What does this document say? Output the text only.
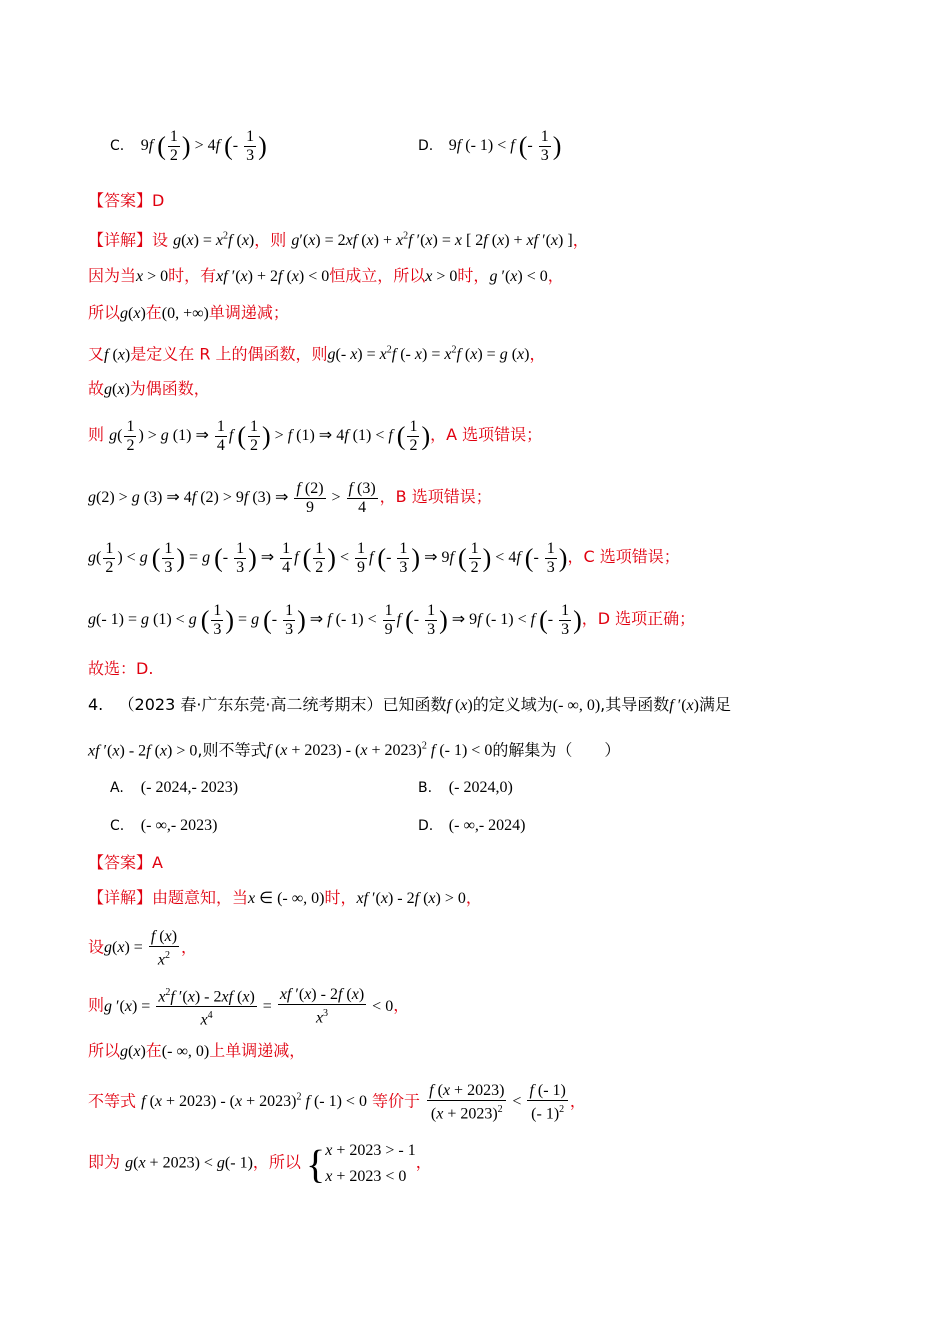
C. 9f ( $\frac{1}{2}$ ) > 4f (- $\frac{1}{3}$ )	D. 9f (- 1) < f (- $\frac{1}{3}$ )
【答案】D
【详解】设 $g(x) = x^2f$ (x)，则 g′(x) = 2xf $(x) + x^2f$ ′(x) = x [ 2f (x) + xf ′(x) ]，
因为当x > 0时，有xf ′(x) + 2f (x) < 0恒成立，所以x > 0时，g ′(x) < 0，
所以g(x)在(0, +∞)单调递减；
又f (x)是定义在 R 上的偶函数，则g(- $x) = x^2f$ (- $x) = x^2f$ (x) = g (x)，
故g(x)为偶函数，
则 $g( \frac{1}{2}$ ) > g (1) ⇒ $\frac{1}{4}$ f ( $\frac{1}{2}$ ) > f (1) ⇒ 4f (1) < f ( $\frac{1}{2}$ )，A 选项错误；
g(2) > g (3) ⇒ 4f (2) > 9f (3) ⇒ $\frac{f (2)}{9} > \frac{f (3)}{4}$ ，B 选项错误；
$g( \frac{1}{2}$ ) < g ( $\frac{1}{3}$ ) = g (- $\frac{1}{3}$ ) ⇒ $\frac{1}{4}$ f ( $\frac{1}{2}$ ) < $\frac{1}{9}$ f (- $\frac{1}{3}$ ) ⇒ 9f ( $\frac{1}{2}$ ) < 4f (- $\frac{1}{3}$ )，C 选项错误；
g(- 1) = g (1) < g ( $\frac{1}{3}$ ) = g (- $\frac{1}{3}$ ) ⇒ f (- $1) < \frac{1}{9}$ f (- $\frac{1}{3}$ ) ⇒ 9f (- 1) < f (- $\frac{1}{3}$ )，D 选项正确；
故选：D.
4. （2023 春·广东东莞·高二统考期末）已知函数f (x)的定义域为(- ∞, 0),其导函数f ′(x)满足
xf ′(x) - 2f (x) > 0,则不等式f $(x + 2023) - (x + 2023)^2$ f (- 1) < 0的解集为（　　）
A. (- 2024,- 2023)	B. (- 2024,0)
C. (- ∞,- 2023)	D. (- ∞,- 2024)
【答案】A
【详解】由题意知，当x ∈ (- ∞, 0)时，xf ′(x) - 2f (x) > 0，
设$g(x) = \frac{f (x)}{x^2}$ ，
则g $'(x) = \frac{x^2f '(x) - 2xf (x)}{x^4} = \frac{xf '(x) - 2f (x)}{x^3} < 0$，
所以g(x)在(- ∞, 0)上单调递减，
不等式 f $(x + 2023) - (x + 2023)^2$ f (- 1) < 0 等价于 $\frac{f (x + 2023)}{(x + 2023)^2} < \frac{f (- 1)}{(- 1)^2}$ ，
即为 g(x + 2023) < g(- 1)，所以 { x + 2023 > - 1
x + 2023 < 0
，
